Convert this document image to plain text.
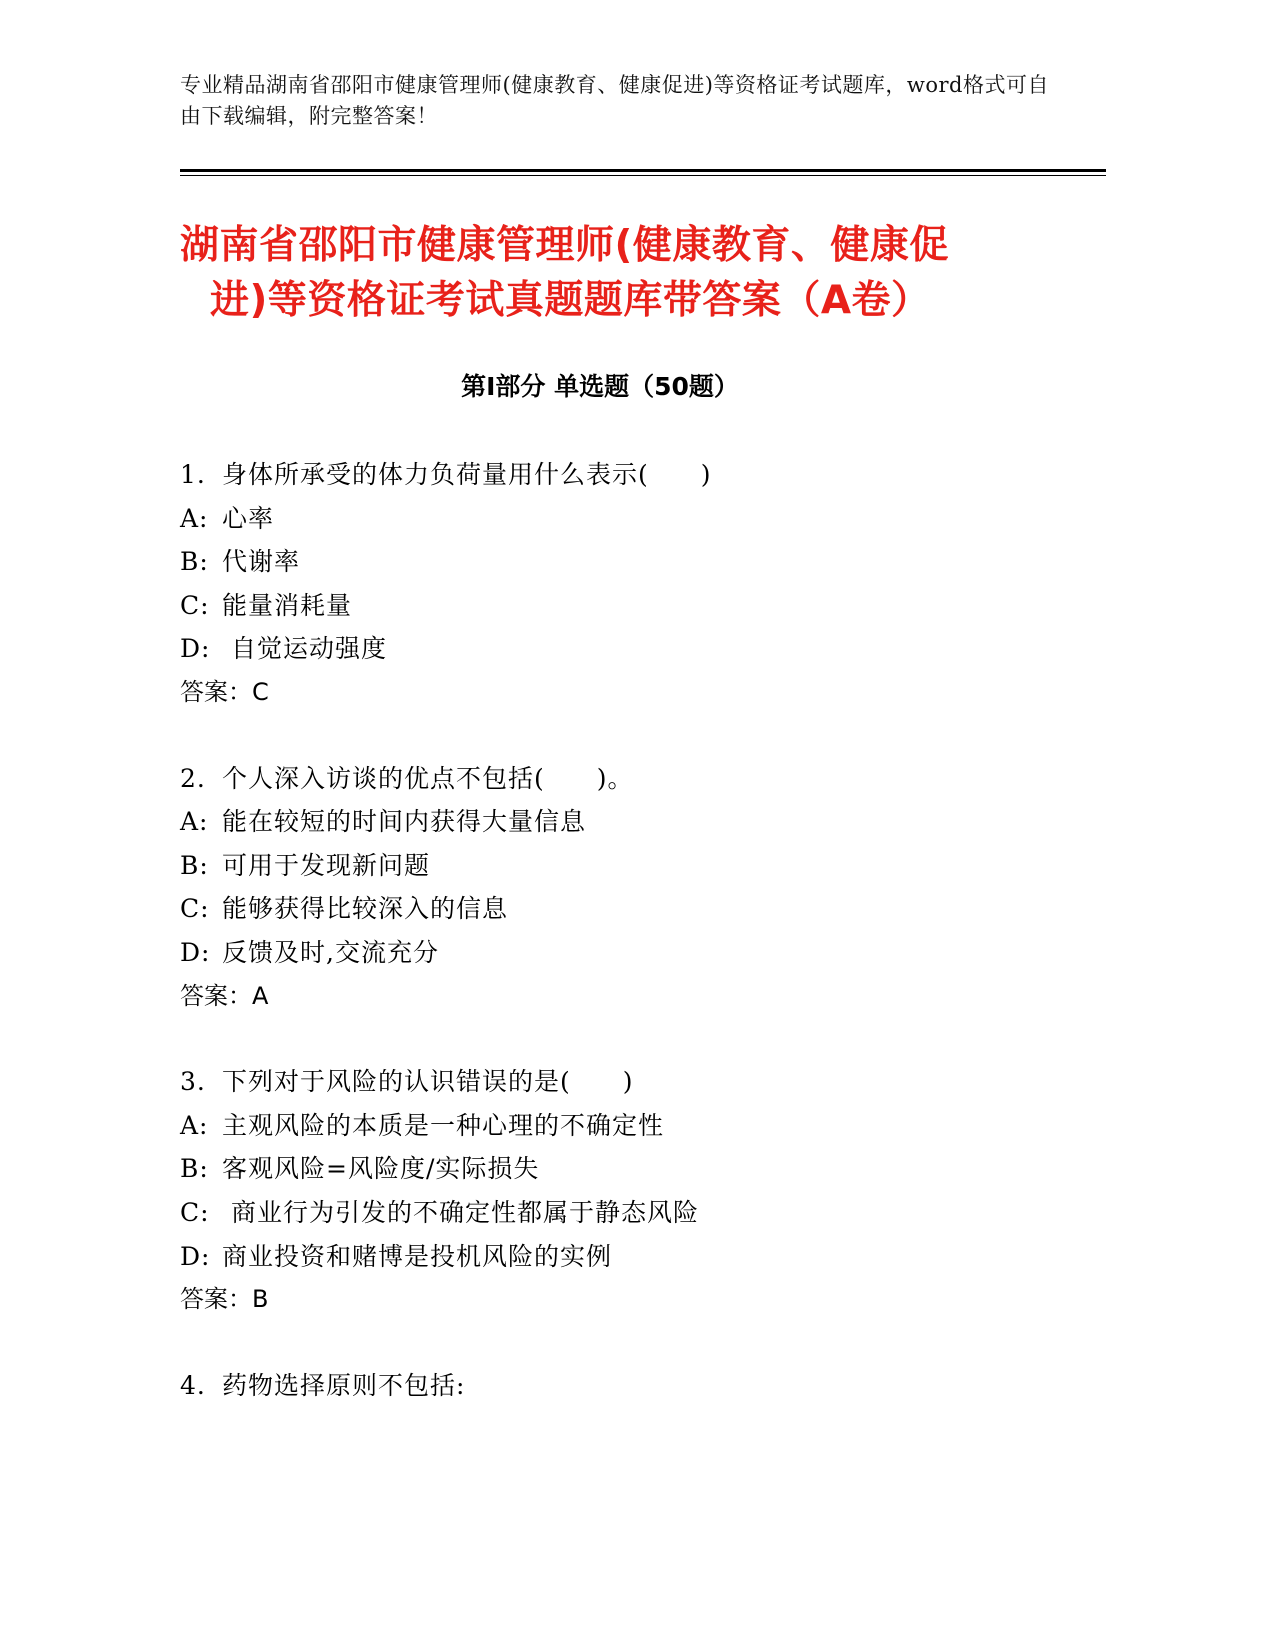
专业精品湖南省邵阳市健康管理师(健康教育、健康促进)等资格证考试题库，word格式可自由下载编辑，附完整答案！
湖南省邵阳市健康管理师(健康教育、健康促
进)等资格证考试真题题库带答案（A卷）
第Ⅰ部分 单选题（50题）
1. 身体所承受的体力负荷量用什么表示(　　)
A: 心率
B: 代谢率
C: 能量消耗量
D: 自觉运动强度
答案：C
2. 个人深入访谈的优点不包括(　　)。
A: 能在较短的时间内获得大量信息
B: 可用于发现新问题
C: 能够获得比较深入的信息
D: 反馈及时,交流充分
答案：A
3. 下列对于风险的认识错误的是(　　)
A: 主观风险的本质是一种心理的不确定性
B: 客观风险=风险度/实际损失
C: 商业行为引发的不确定性都属于静态风险
D: 商业投资和赌博是投机风险的实例
答案：B
4. 药物选择原则不包括:
